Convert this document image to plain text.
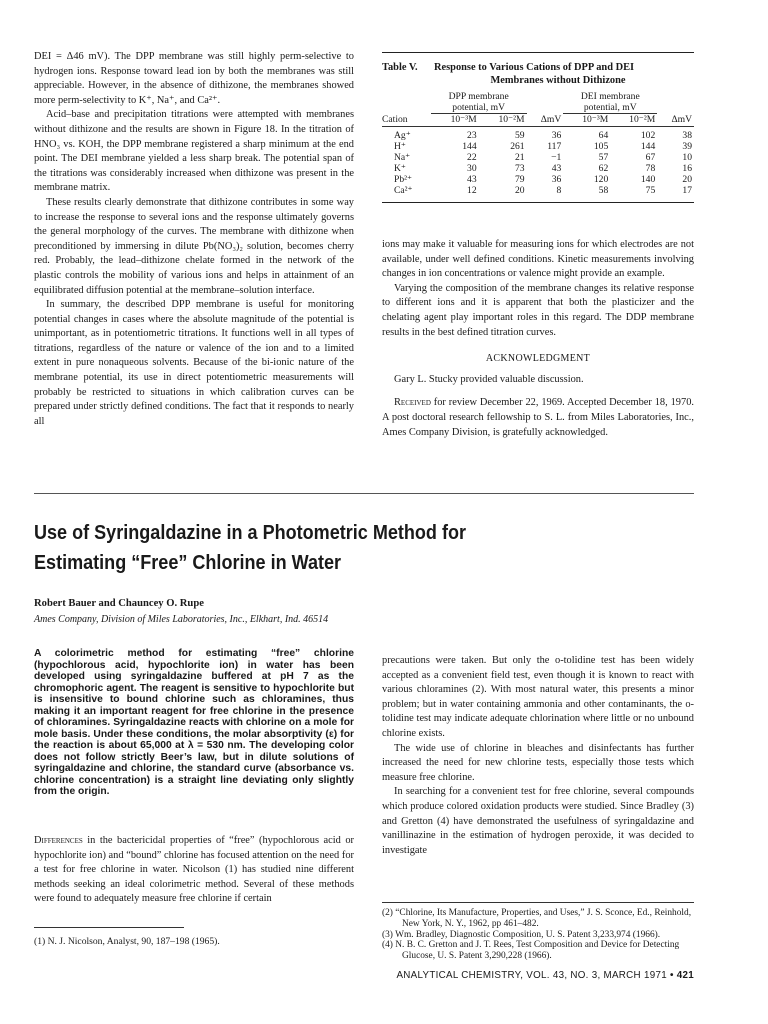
DEI = Δ46 mV). The DPP membrane was still highly perm-selective to hydrogen ions. Response toward lead ion by both the membranes was still appreciable. However, in the absence of dithizone, the membranes showed more perm-selectivity to K⁺, Na⁺, and Ca²⁺.

Acid–base and precipitation titrations were attempted with membranes without dithizone and the results are shown in Figure 18. In the titration of HNO₃ vs. KOH, the DPP membrane registered a sharp minimum at the end point. The DEI membrane yielded a less sharp break. The potential span of the titrations was considerably increased when dithizone was present in the membrane matrix.

These results clearly demonstrate that dithizone contributes in some way to increase the response to several ions and the response ultimately governs the general morphology of the curves. The membrane with dithizone when preconditioned by immersing in dilute Pb(NO₃)₂ solution, becomes cherry red. Probably, the lead–dithizone chelate formed in the network of the plastic controls the mobility of various ions and helps in attainment of an equilibrated diffusion potential at the membrane–solution interface.

In summary, the described DPP membrane is useful for monitoring potential changes in cases where the absolute magnitude of the potential is unimportant, as in potentiometric titrations. It functions well in all types of titrations, regardless of the nature or valence of the ion and to a limited extent in pure nonaqueous solvents. Because of the bi-ionic nature of the membrane potential, its use in direct potentiometric measurements will probably be restricted to situations in which calibration curves can be prepared under strictly defined conditions. The fact that it responds to nearly all

Table V. Response to Various Cations of DPP and DEI
Membranes without Dithizone
	DPP membrane			DEI membrane		
	potential, mV			potential, mV		
Cation	10⁻³M	10⁻²M	ΔmV	10⁻³M	10⁻²M	ΔmV
Ag⁺	23	59	36	64	102	38
H⁺	144	261	117	105	144	39
Na⁺	22	21	−1	57	67	10
K⁺	30	73	43	62	78	16
Pb²⁺	43	79	36	120	140	20
Ca²⁺	12	20	8	58	75	17

ions may make it valuable for measuring ions for which electrodes are not available, under well defined conditions. Kinetic measurements involving changes in ion concentrations or valence might provide an example.

Varying the composition of the membrane changes its relative response to different ions and it is apparent that both the plasticizer and the chelating agent play important roles in this regard. The DDP membrane results in the best defined titration curves.

ACKNOWLEDGMENT

Gary L. Stucky provided valuable discussion.

Received for review December 22, 1969. Accepted December 18, 1970. A post doctoral research fellowship to S. L. from Miles Laboratories, Inc., Ames Company Division, is gratefully acknowledged.

Use of Syringaldazine in a Photometric Method for
Estimating “Free” Chlorine in Water
Robert Bauer and Chauncey O. Rupe
Ames Company, Division of Miles Laboratories, Inc., Elkhart, Ind. 46514
A colorimetric method for estimating “free” chlorine (hypochlorous acid, hypochlorite ion) in water has been developed using syringaldazine buffered at pH 7 as the chromophoric agent. The reagent is sensitive to hypochlorite but is insensitive to bound chlorine such as chloramines, thus making it an important reagent for free chlorine in the presence of chloramines. Syringaldazine reacts with chlorine on a mole for mole basis. Under these conditions, the molar absorptivity (ε) for the reaction is about 65,000 at λ = 530 nm. The developing color does not follow strictly Beer’s law, but in dilute solutions of syringaldazine and chlorine, the standard curve (absorbance vs. chlorine concentration) is a straight line deviating only slightly from the origin.

Differences in the bactericidal properties of “free” (hypochlorous acid or hypochlorite ion) and “bound” chlorine has focused attention on the need for a test for free chlorine in water. Nicolson (1) has studied nine different methods seeking an ideal colorimetric method. Several of these methods were found to adequately measure free chlorine if certain

(1) N. J. Nicolson, Analyst, 90, 187–198 (1965).

precautions were taken. But only the o-tolidine test has been widely accepted as a convenient field test, even though it is known to react with various chloramines (2). With most natural water, this presents a minor problem; but in water containing ammonia and other contaminants, the o-tolidine test may indicate adequate chlorination where little or no unbound chlorine exists.

The wide use of chlorine in bleaches and disinfectants has further increased the need for new chlorine tests, especially those tests which measure free chlorine.

In searching for a convenient test for free chlorine, several compounds which produce colored oxidation products were studied. Since Bradley (3) and Gretton (4) have demonstrated the usefulness of syringaldazine and vanillinazine in the estimation of hydrogen peroxide, it was decided to investigate

(2) “Chlorine, Its Manufacture, Properties, and Uses,” J. S. Sconce, Ed., Reinhold, New York, N. Y., 1962, pp 461–482.

(3) Wm. Bradley, Diagnostic Composition, U. S. Patent 3,233,974 (1966).

(4) N. B. C. Gretton and J. T. Rees, Test Composition and Device for Detecting Glucose, U. S. Patent 3,290,228 (1966).

ANALYTICAL CHEMISTRY, VOL. 43, NO. 3, MARCH 1971 • 421
